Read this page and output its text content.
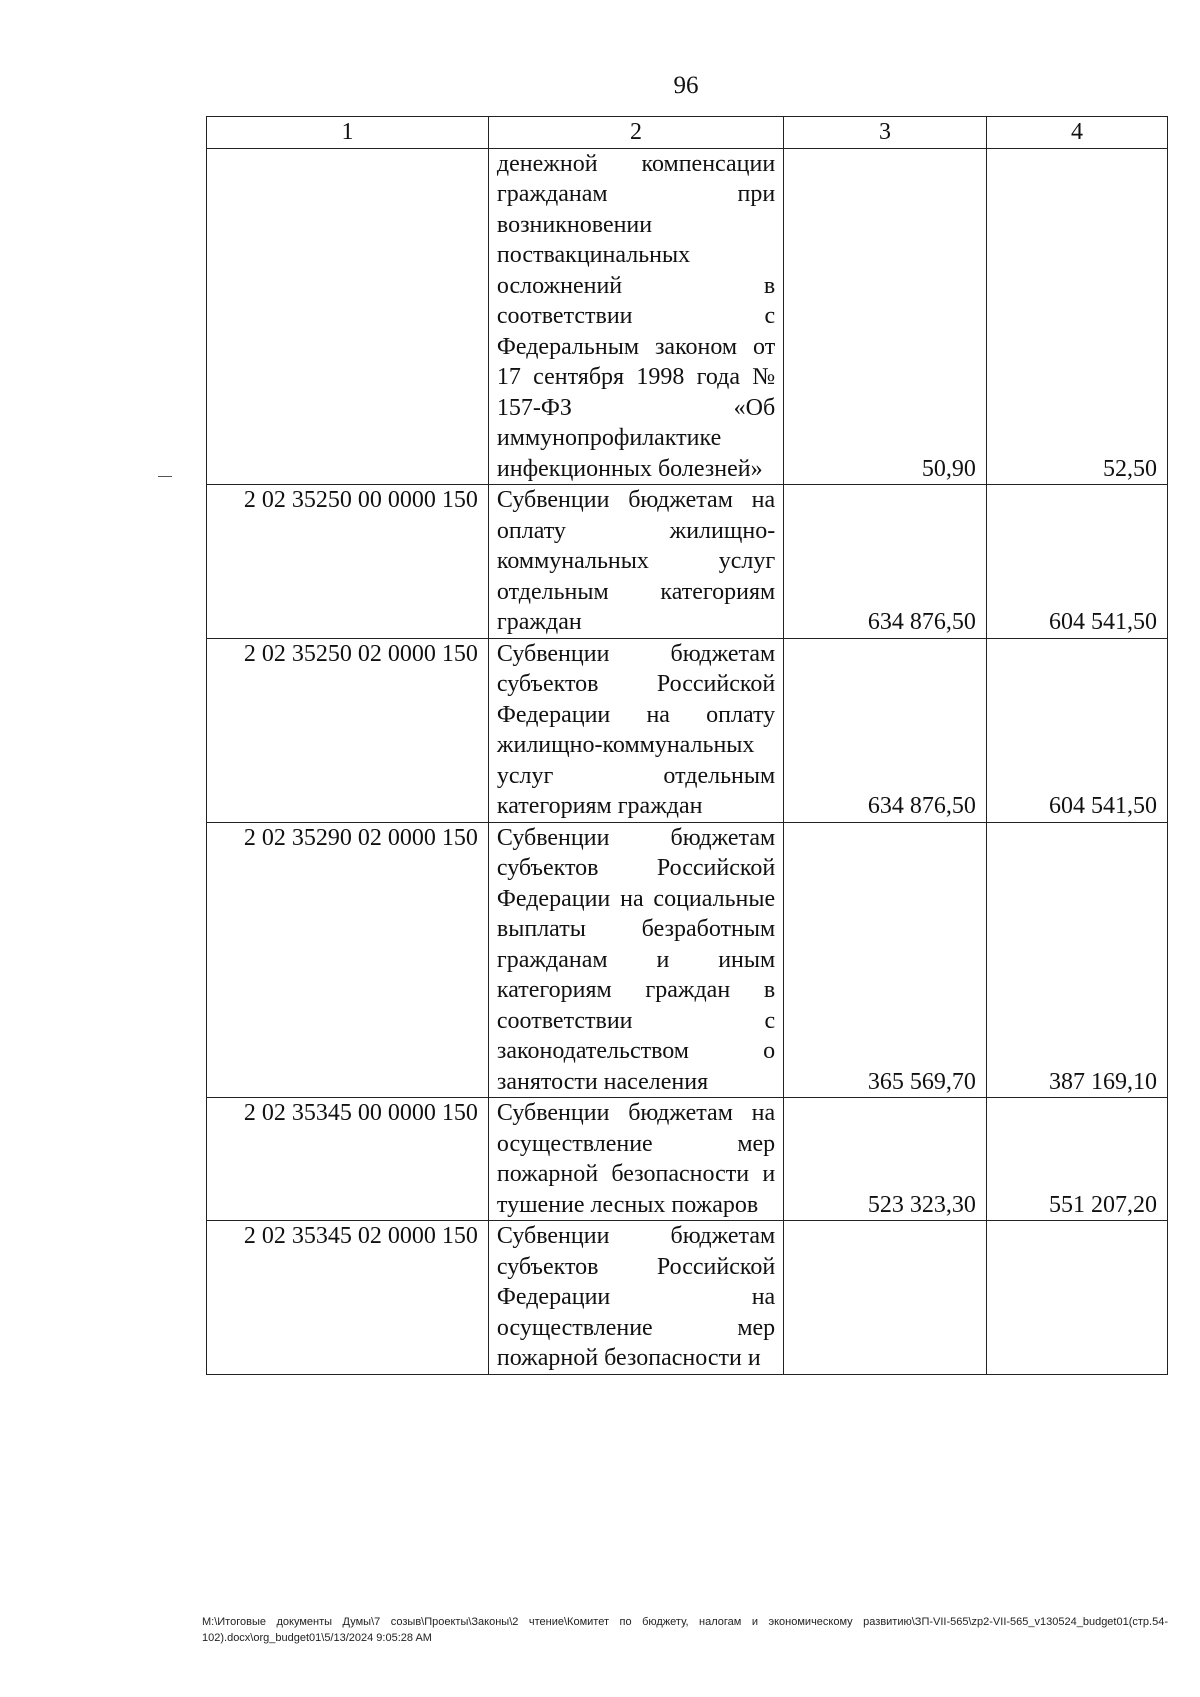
96
1	2	3	4
	денежной компенсации гражданам при возникновении поствакцинальных осложнений в соответствии с Федеральным законом от 17 сентября 1998 года № 157-ФЗ «Об иммунопрофилактике инфекционных болезней»	50,90	52,50
2 02 35250 00 0000 150	Субвенции бюджетам на оплату жилищно-коммунальных услуг отдельным категориям граждан	634 876,50	604 541,50
2 02 35250 02 0000 150	Субвенции бюджетам субъектов Российской Федерации на оплату жилищно-коммунальных услуг отдельным категориям граждан	634 876,50	604 541,50
2 02 35290 02 0000 150	Субвенции бюджетам субъектов Российской Федерации на социальные выплаты безработным гражданам и иным категориям граждан в соответствии с законодательством о занятости населения	365 569,70	387 169,10
2 02 35345 00 0000 150	Субвенции бюджетам на осуществление мер пожарной безопасности и тушение лесных пожаров	523 323,30	551 207,20
2 02 35345 02 0000 150	Субвенции бюджетам субъектов Российской Федерации на осуществление мер пожарной безопасности и		
М:\Итоговые документы Думы\7 созыв\Проекты\Законы\2 чтение\Комитет по бюджету, налогам и экономическому развитию\ЗП-VII-565\zp2-VII-565_v130524_budget01(стр.54-102).docx\org_budget01\5/13/2024 9:05:28 AM
